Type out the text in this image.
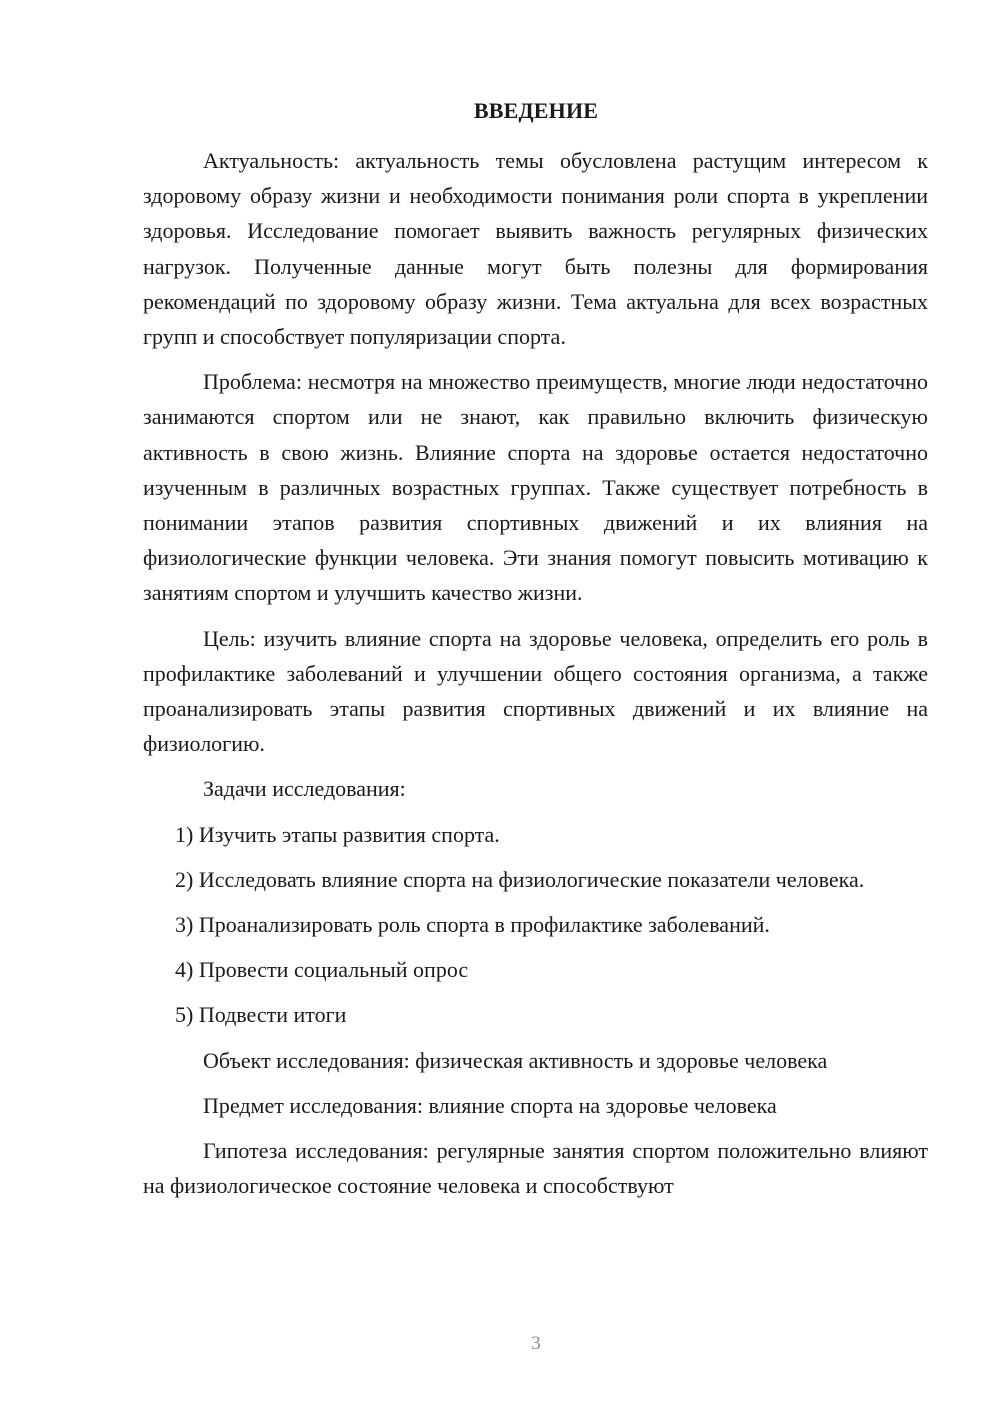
ВВЕДЕНИЕ

Актуальность: актуальность темы обусловлена растущим интересом к здоровому образу жизни и необходимости понимания роли спорта в укреплении здоровья. Исследование помогает выявить важность регулярных физических нагрузок. Полученные данные могут быть полезны для формирования рекомендаций по здоровому образу жизни. Тема актуальна для всех возрастных групп и способствует популяризации спорта.

Проблема: несмотря на множество преимуществ, многие люди недостаточно занимаются спортом или не знают, как правильно включить физическую активность в свою жизнь. Влияние спорта на здоровье остается недостаточно изученным в различных возрастных группах. Также существует потребность в понимании этапов развития спортивных движений и их влияния на физиологические функции человека. Эти знания помогут повысить мотивацию к занятиям спортом и улучшить качество жизни.

Цель: изучить влияние спорта на здоровье человека, определить его роль в профилактике заболеваний и улучшении общего состояния организма, а также проанализировать этапы развития спортивных движений и их влияние на физиологию.

Задачи исследования:

1) Изучить этапы развития спорта.

2) Исследовать влияние спорта на физиологические показатели человека.

3) Проанализировать роль спорта в профилактике заболеваний.

4) Провести социальный опрос

5) Подвести итоги

Объект исследования: физическая активность и здоровье человека

Предмет исследования: влияние спорта на здоровье человека

Гипотеза исследования: регулярные занятия спортом положительно влияют на физиологическое состояние человека и способствуют

3
